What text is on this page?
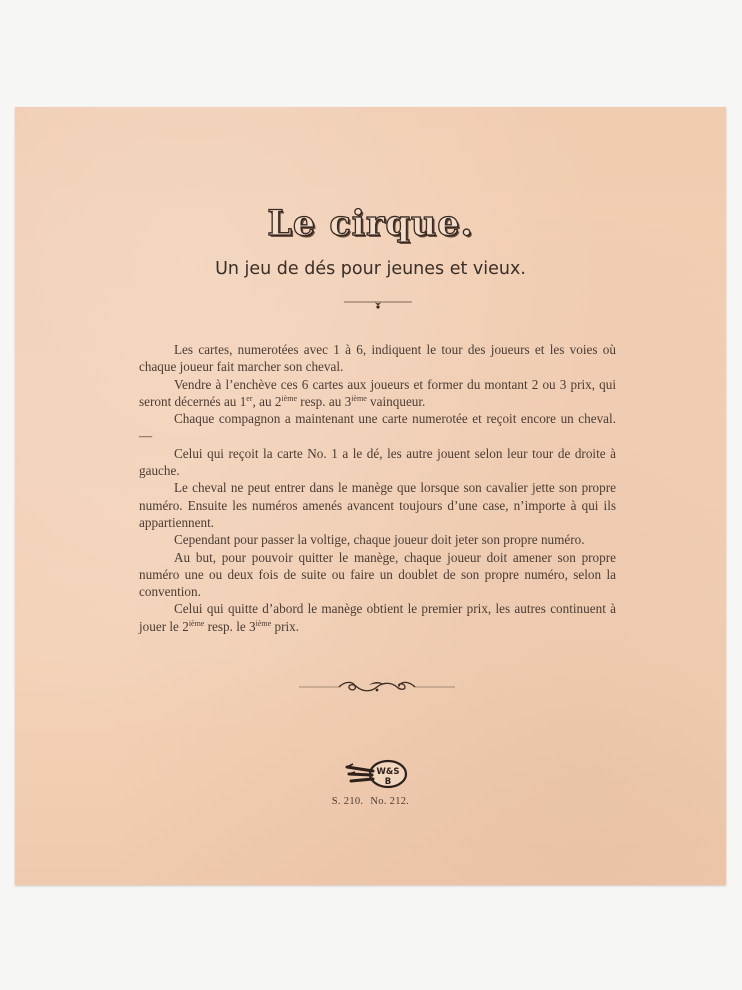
Le cirque.
Un jeu de dés pour jeunes et vieux.

Les cartes, numerotées avec 1 à 6, indiquent le tour des joueurs et les voies où chaque joueur fait marcher son cheval.

Vendre à l’enchève ces 6 cartes aux joueurs et former du montant 2 ou 3 prix, qui seront décernés au 1er, au 2ième resp. au 3ième vainqueur.

Chaque compagnon a maintenant une carte numerotée et reçoit encore un cheval. —

Celui qui reçoit la carte No. 1 a le dé, les autre jouent selon leur tour de droite à gauche.

Le cheval ne peut entrer dans le manège que lorsque son cavalier jette son propre numéro. Ensuite les numéros amenés avancent toujours d’une case, n’importe à qui ils appartiennent.

Cependant pour passer la voltige, chaque joueur doit jeter son propre numéro.

Au but, pour pouvoir quitter le manège, chaque joueur doit amener son propre numéro une ou deux fois de suite ou faire un doublet de son propre numéro, selon la convention.

Celui qui quitte d’abord le manège obtient le premier prix, les autres continuent à jouer le 2ième resp. le 3ième prix.

W&S
B
S. 210. No. 212.
